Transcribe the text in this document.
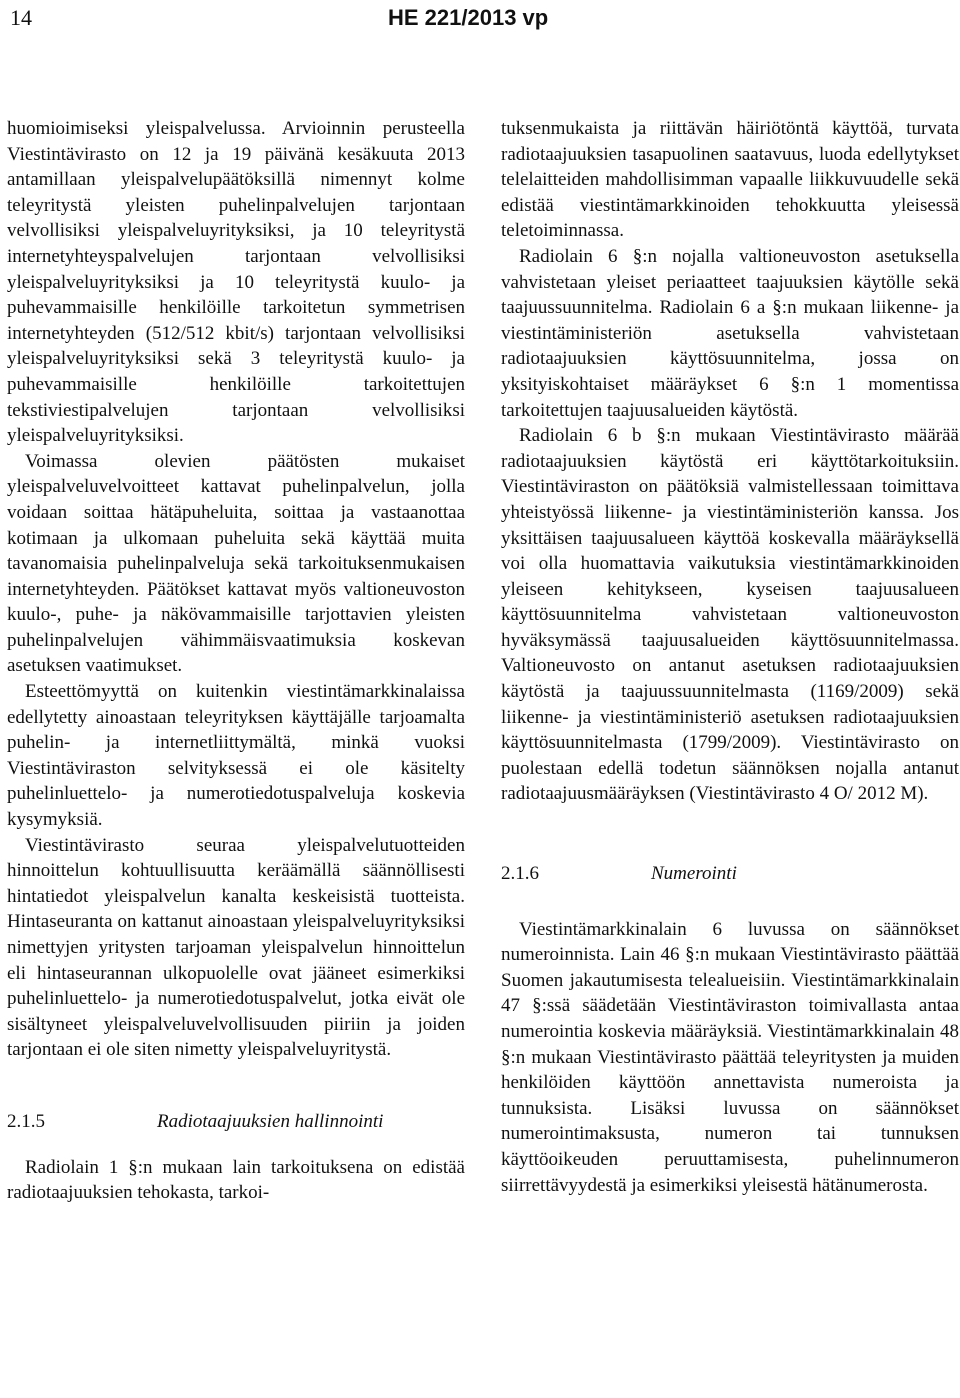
14	HE 221/2013 vp

huomioimiseksi yleispalvelussa. Arvioinnin perusteella Viestintävirasto on 12 ja 19 päivänä kesäkuuta 2013 antamillaan yleispalvelupäätöksillä nimennyt kolme teleyritystä yleisten puhelinpalvelujen tarjontaan velvollisiksi yleispalveluyrityksiksi, ja 10 teleyritystä internetyhteyspalvelujen tarjontaan velvollisiksi yleispalveluyrityksiksi ja 10 teleyritystä kuulo- ja puhevammaisille henkilöille tarkoitetun symmetrisen internetyhteyden (512/512 kbit/s) tarjontaan velvollisiksi yleispalveluyrityksiksi sekä 3 teleyritystä kuulo- ja puhevammaisille henkilöille tarkoitettujen tekstiviestipalvelujen tarjontaan velvollisiksi yleispalveluyrityksiksi.

Voimassa olevien päätösten mukaiset yleispalveluvelvoitteet kattavat puhelinpalvelun, jolla voidaan soittaa hätäpuheluita, soittaa ja vastaanottaa kotimaan ja ulkomaan puheluita sekä käyttää muita tavanomaisia puhelinpalveluja sekä tarkoituksenmukaisen internetyhteyden. Päätökset kattavat myös valtioneuvoston kuulo-, puhe- ja näkövammaisille tarjottavien yleisten puhelinpalvelujen vähimmäisvaatimuksia koskevan asetuksen vaatimukset.

Esteettömyyttä on kuitenkin viestintämarkkinalaissa edellytetty ainoastaan teleyrityksen käyttäjälle tarjoamalta puhelin- ja internetliittymältä, minkä vuoksi Viestintäviraston selvityksessä ei ole käsitelty puhelinluettelo- ja numerotiedotuspalveluja koskevia kysymyksiä.

Viestintävirasto seuraa yleispalvelutuotteiden hinnoittelun kohtuullisuutta keräämällä säännöllisesti hintatiedot yleispalvelun kanalta keskeisistä tuotteista. Hintaseuranta on kattanut ainoastaan yleispalveluyrityksiksi nimettyjen yritysten tarjoaman yleispalvelun hinnoittelun eli hintaseurannan ulkopuolelle ovat jääneet esimerkiksi puhelinluettelo- ja numerotiedotuspalvelut, jotka eivät ole sisältyneet yleispalveluvelvollisuuden piiriin ja joiden tarjontaan ei ole siten nimetty yleispalveluyritystä.

2.1.5	Radiotaajuuksien hallinnointi

Radiolain 1 §:n mukaan lain tarkoituksena on edistää radiotaajuuksien tehokasta, tarkoi-

tuksenmukaista ja riittävän häiriötöntä käyttöä, turvata radiotaajuuksien tasapuolinen saatavuus, luoda edellytykset telelaitteiden mahdollisimman vapaalle liikkuvuudelle sekä edistää viestintämarkkinoiden tehokkuutta yleisessä teletoiminnassa.

Radiolain 6 §:n nojalla valtioneuvoston asetuksella vahvistetaan yleiset periaatteet taajuuksien käytölle sekä taajuussuunnitelma. Radiolain 6 a §:n mukaan liikenne- ja viestintäministeriön asetuksella vahvistetaan radiotaajuuksien käyttösuunnitelma, jossa on yksityiskohtaiset määräykset 6 §:n 1 momentissa tarkoitettujen taajuusalueiden käytöstä.

Radiolain 6 b §:n mukaan Viestintävirasto määrää radiotaajuuksien käytöstä eri käyttötarkoituksiin. Viestintäviraston on päätöksiä valmistellessaan toimittava yhteistyössä liikenne- ja viestintäministeriön kanssa. Jos yksittäisen taajuusalueen käyttöä koskevalla määräyksellä voi olla huomattavia vaikutuksia viestintämarkkinoiden yleiseen kehitykseen, kyseisen taajuusalueen käyttösuunnitelma vahvistetaan valtioneuvoston hyväksymässä taajuusalueiden käyttösuunnitelmassa. Valtioneuvosto on antanut asetuksen radiotaajuuksien käytöstä ja taajuussuunnitelmasta (1169/2009) sekä liikenne- ja viestintäministeriö asetuksen radiotaajuuksien käyttösuunnitelmasta (1799/2009). Viestintävirasto on puolestaan edellä todetun säännöksen nojalla antanut radiotaajuusmääräyksen (Viestintävirasto 4 O/ 2012 M).

2.1.6	Numerointi

Viestintämarkkinalain 6 luvussa on säännökset numeroinnista. Lain 46 §:n mukaan Viestintävirasto päättää Suomen jakautumisesta telealueisiin. Viestintämarkkinalain 47 §:ssä säädetään Viestintäviraston toimivallasta antaa numerointia koskevia määräyksiä. Viestintämarkkinalain 48 §:n mukaan Viestintävirasto päättää teleyritysten ja muiden henkilöiden käyttöön annettavista numeroista ja tunnuksista. Lisäksi luvussa on säännökset numerointimaksusta, numeron tai tunnuksen käyttöoikeuden peruuttamisesta, puhelinnumeron siirrettävyydestä ja esimerkiksi yleisestä hätänumerosta.
